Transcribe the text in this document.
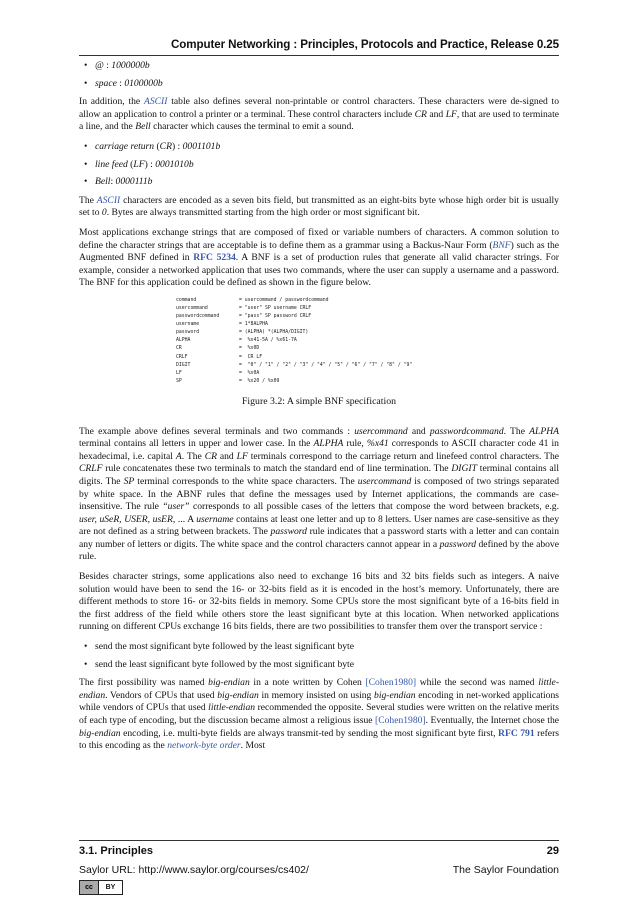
Computer Networking : Principles, Protocols and Practice, Release 0.25
• @ : 1000000b
• space : 0100000b

In addition, the ASCII table also defines several non-printable or control characters. These characters were de-signed to allow an application to control a printer or a terminal. These control characters include CR and LF, that are used to terminate a line, and the Bell character which causes the terminal to emit a sound.

• carriage return (CR) : 0001101b
• line feed (LF) : 0001010b
• Bell: 0000111b

The ASCII characters are encoded as a seven bits field, but transmitted as an eight-bits byte whose high order bit is usually set to 0. Bytes are always transmitted starting from the high order or most significant bit.

Most applications exchange strings that are composed of fixed or variable numbers of characters. A common solution to define the character strings that are acceptable is to define them as a grammar using a Backus-Naur Form (BNF) such as the Augmented BNF defined in RFC 5234. A BNF is a set of production rules that generate all valid character strings. For example, consider a networked application that uses two commands, where the user can supply a username and a password. The BNF for this application could be defined as shown in the figure below.

command	= usercommand / passwordcommand
usercommand	= "user" SP username CRLF
passwordcommand	= "pass" SP password CRLF
username	= 1*8ALPHA
password	= (ALPHA) *(ALPHA/DIGIT)
ALPHA	=  %x41-5A / %x61-7A
CR	=  %x0D
CRLF	=  CR LF
DIGIT	=  "0" / "1" / "2" / "3" / "4" / "5" / "6" / "7" / "8" / "9"
LF	=  %x0A
SP	=  %x20 / %x09
Figure 3.2: A simple BNF specification

The example above defines several terminals and two commands : usercommand and passwordcommand. The ALPHA terminal contains all letters in upper and lower case. In the ALPHA rule, %x41 corresponds to ASCII character code 41 in hexadecimal, i.e. capital A. The CR and LF terminals correspond to the carriage return and linefeed control characters. The CRLF rule concatenates these two terminals to match the standard end of line termination. The DIGIT terminal contains all digits. The SP terminal corresponds to the white space characters. The usercommand is composed of two strings separated by white space. In the ABNF rules that define the messages used by Internet applications, the commands are case-insensitive. The rule “user” corresponds to all possible cases of the letters that compose the word between brackets, e.g. user, uSeR, USER, usER, ... A username contains at least one letter and up to 8 letters. User names are case-sensitive as they are not defined as a string between brackets. The password rule indicates that a password starts with a letter and can contain any number of letters or digits. The white space and the control characters cannot appear in a password defined by the above rule.

Besides character strings, some applications also need to exchange 16 bits and 32 bits fields such as integers. A naive solution would have been to send the 16- or 32-bits field as it is encoded in the host’s memory. Unfortunately, there are different methods to store 16- or 32-bits fields in memory. Some CPUs store the most significant byte of a 16-bits field in the first address of the field while others store the least significant byte at this location. When networked applications running on different CPUs exchange 16 bits fields, there are two possibilities to transfer them over the transport service :

• send the most significant byte followed by the least significant byte
• send the least significant byte followed by the most significant byte

The first possibility was named big-endian in a note written by Cohen [Cohen1980] while the second was named little-endian. Vendors of CPUs that used big-endian in memory insisted on using big-endian encoding in net-worked applications while vendors of CPUs that used little-endian recommended the opposite. Several studies were written on the relative merits of each type of encoding, but the discussion became almost a religious issue [Cohen1980]. Eventually, the Internet chose the big-endian encoding, i.e. multi-byte fields are always transmit-ted by sending the most significant byte first, RFC 791 refers to this encoding as the network-byte order. Most

3.1. Principles	29
Saylor URL: http://www.saylor.org/courses/cs402/	The Saylor Foundation
cc	BY
